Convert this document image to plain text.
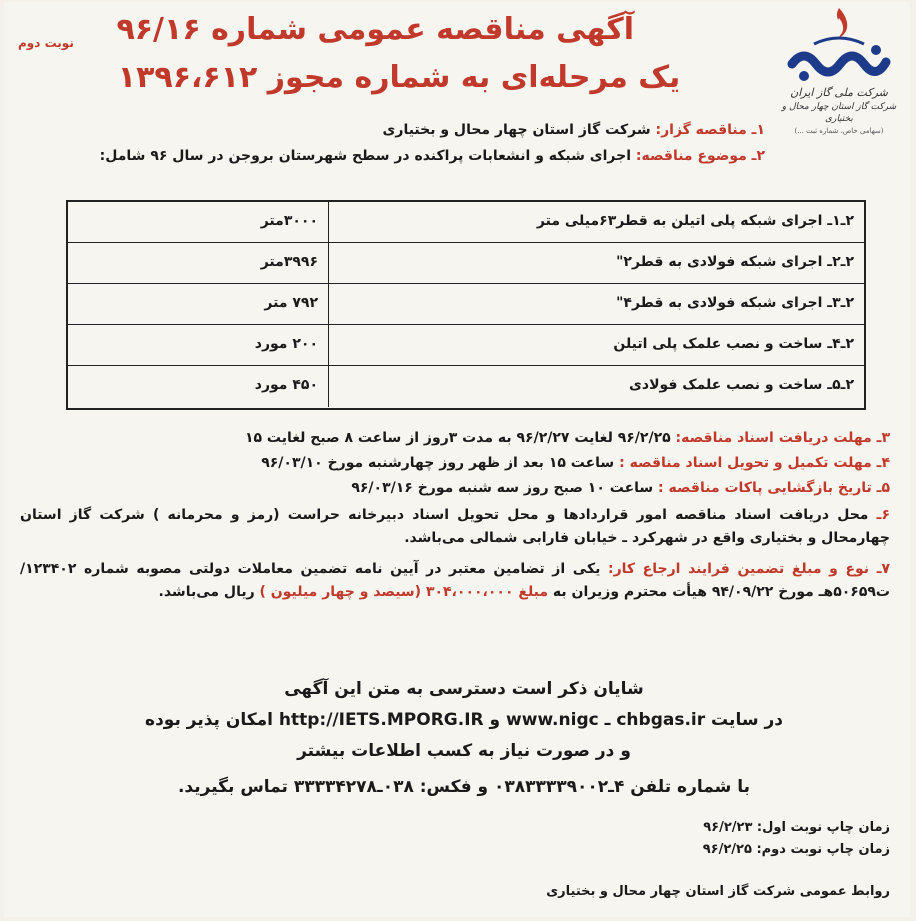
نوبت دوم آگهی مناقصه عمومی شماره ۹۶/۱۶
یک مرحله‌ای به شماره مجوز ۱۳۹۶،۶۱۲	شرکت ملی گاز ایران
شرکت گاز استان چهار محال و بختیاری
(سهامی خاص، شماره ثبت ...)
۱ـ مناقصه گزار: شرکت گاز استان چهار محال و بختیاری
۲ـ موضوع مناقصه: اجرای شبکه و انشعابات پراکنده در سطح شهرستان بروجن در سال ۹۶ شامل:
۲ـ۱ـ اجرای شبکه پلی اتیلن به قطر۶۳میلی متر
۳۰۰۰متر
۲ـ۲ـ اجرای شبکه فولادی به قطر۲"
۳۹۹۶متر
۲ـ۳ـ اجرای شبکه فولادی به قطر۴"
۷۹۲ متر
۲ـ۴ـ ساخت و نصب علمک پلی اتیلن
۲۰۰ مورد
۲ـ۵ـ ساخت و نصب علمک فولادی
۴۵۰ مورد
۳ـ مهلت دریافت اسناد مناقصه: ۹۶/۲/۲۵ لغایت ۹۶/۲/۲۷ به مدت ۳روز از ساعت ۸ صبح لغایت ۱۵
۴ـ مهلت تکمیل و تحویل اسناد مناقصه : ساعت ۱۵ بعد از ظهر روز چهارشنبه مورخ ۹۶/۰۳/۱۰
۵ـ تاریخ بازگشایی پاکات مناقصه : ساعت ۱۰ صبح روز سه شنبه مورخ ۹۶/۰۳/۱۶
۶ـ محل دریافت اسناد مناقصه امور قراردادها و محل تحویل اسناد دبیرخانه حراست (رمز و محرمانه ) شرکت گاز استان چهارمحال و بختیاری واقع در شهرکرد ـ خیابان فارابی شمالی می‌باشد.
۷ـ نوع و مبلغ تضمین فرایند ارجاع کار: یکی از تضامین معتبر در آیین نامه تضمین معاملات دولتی مصوبه شماره ۱۲۳۴۰۲/ت۵۰۶۵۹هـ مورخ ۹۴/۰۹/۲۲ هیأت محترم وزیران به مبلغ ۳۰۴،۰۰۰،۰۰۰ (سیصد و چهار میلیون ) ریال می‌باشد.
شایان ذکر است دسترسی به متن این آگهی
در سایت chbgas.ir ـ www.nigc و http://IETS.MPORG.IR امکان پذیر بوده
و در صورت نیاز به کسب اطلاعات بیشتر
با شماره تلفن ۴ـ۰۳۸۳۳۳۳۹۰۰۲ و فکس: ۰۳۸ـ۳۳۳۳۴۲۷۸ تماس بگیرید.
زمان چاپ نوبت اول: ۹۶/۲/۲۳
زمان چاپ نوبت دوم: ۹۶/۲/۲۵
روابط عمومی شرکت گاز استان چهار محال و بختیاری
